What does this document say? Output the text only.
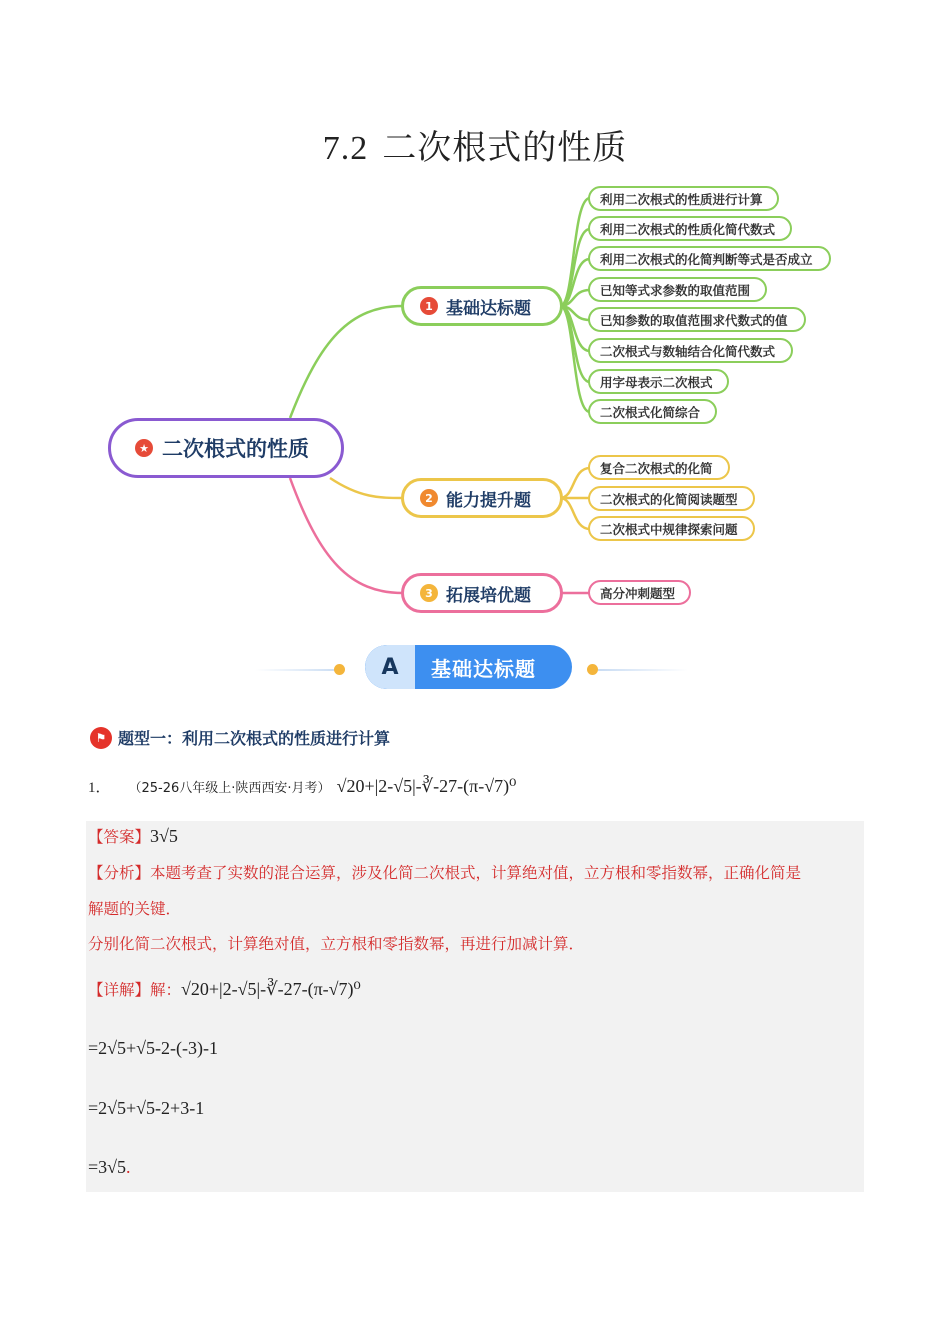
7.2 二次根式的性质
★ 二次根式的性质
1 基础达标题
2 能力提升题
3 拓展培优题
利用二次根式的性质进行计算
利用二次根式的性质化简代数式
利用二次根式的化简判断等式是否成立
已知等式求参数的取值范围
已知参数的取值范围求代数式的值
二次根式与数轴结合化简代数式
用字母表示二次根式
二次根式化简综合
复合二次根式的化简
二次根式的化简阅读题型
二次根式中规律探索问题
高分冲刺题型
A	基础达标题
⚑ 题型一：利用二次根式的性质进行计算
1． （25-26八年级上·陕西西安·月考） √20+|2-√5|-∛-27-(π-√7)⁰
【答案】3√5
【分析】本题考查了实数的混合运算，涉及化简二次根式，计算绝对值，立方根和零指数幂，正确化简是
解题的关键．
分别化简二次根式，计算绝对值，立方根和零指数幂，再进行加减计算．
【详解】解：√20+|2-√5|-∛-27-(π-√7)⁰
=2√5+√5-2-(-3)-1
=2√5+√5-2+3-1
=3√5.
